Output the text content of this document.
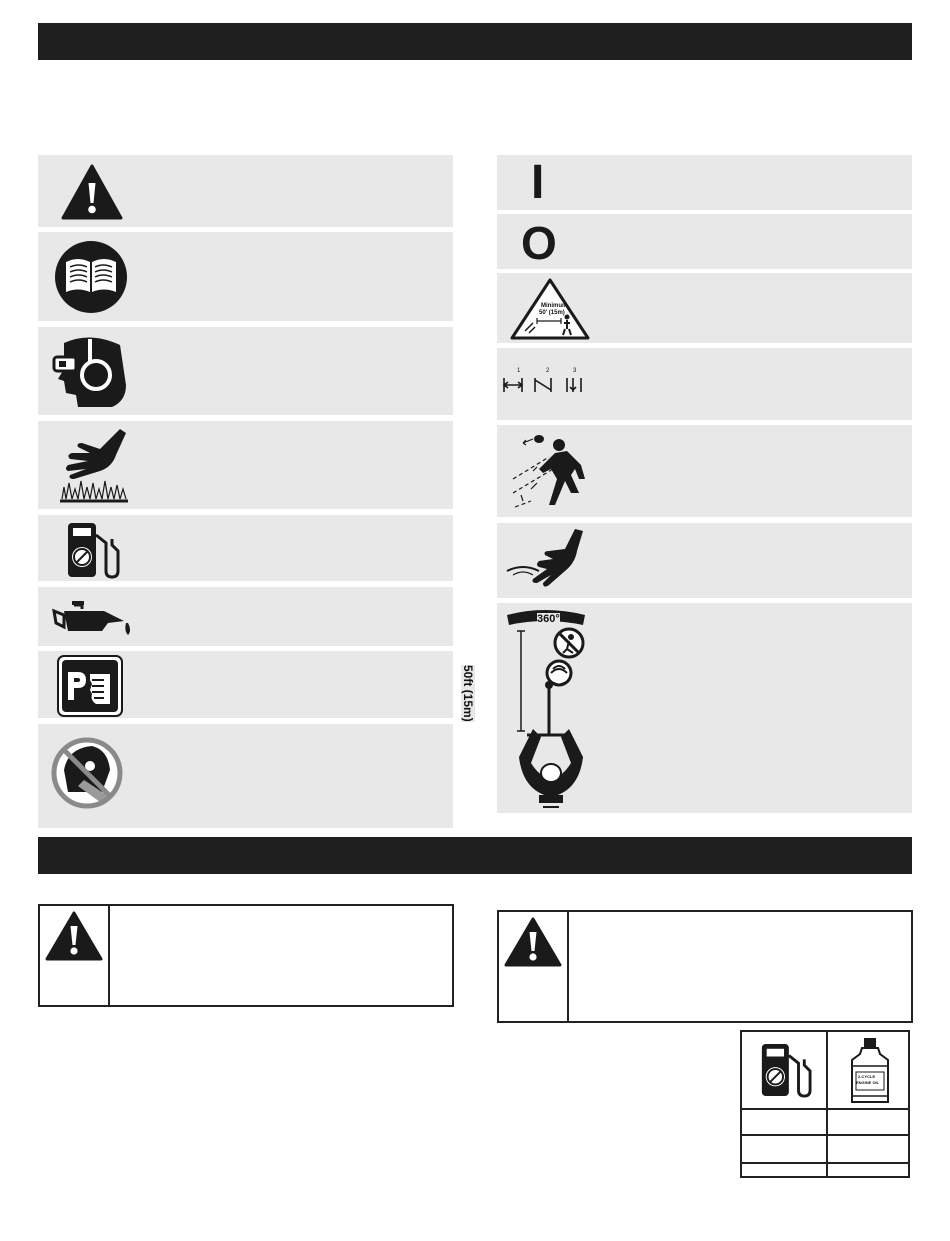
I
O
Minimum
50' (15m)
1	2	3
360°
50ft (15m)
2-CYCLE
ENGINE OIL
